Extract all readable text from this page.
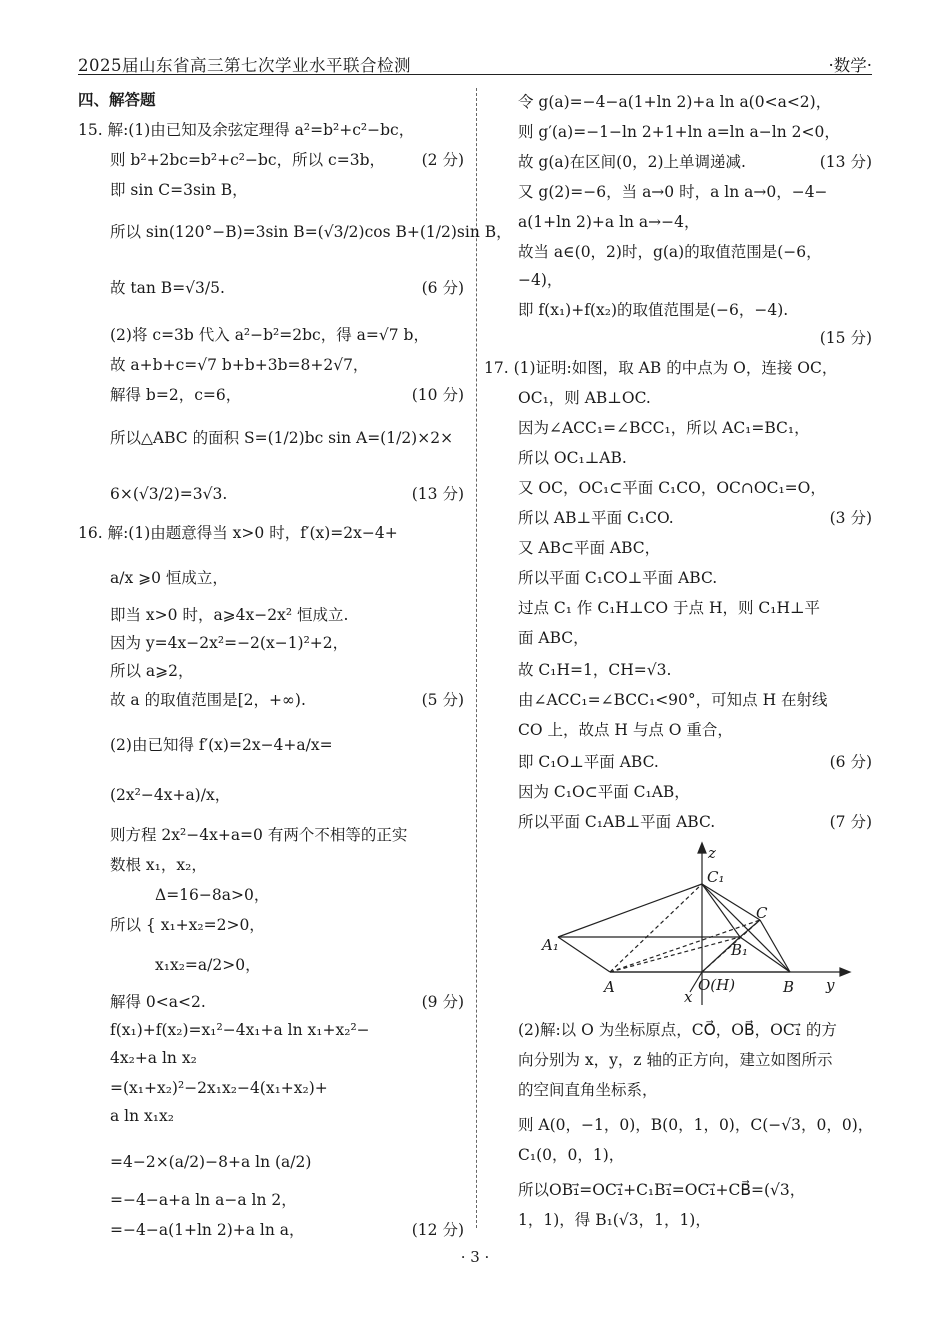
2025届山东省高三第七次学业水平联合检测	·数学·
四、解答题
15. 解:(1)由已知及余弦定理得 a²=b²+c²−bc，
则 b²+2bc=b²+c²−bc，所以 c=3b， (2 分)
即 sin C=3sin B，
所以 sin(120°−B)=3sin B=(√3/2)cos B+(1/2)sin B，
故 tan B=√3/5.	(6 分)
(2)将 c=3b 代入 a²−b²=2bc，得 a=√7 b，
故 a+b+c=√7 b+b+3b=8+2√7，
解得 b=2，c=6，	(10 分)
所以△ABC 的面积 S=(1/2)bc sin A=(1/2)×2×
6×(√3/2)=3√3.	(13 分)
16. 解:(1)由题意得当 x>0 时，f′(x)=2x−4+
a/x ⩾0 恒成立，
即当 x>0 时，a⩾4x−2x² 恒成立.
因为 y=4x−2x²=−2(x−1)²+2，
所以 a⩾2，
故 a 的取值范围是[2，+∞).	(5 分)
(2)由已知得 f′(x)=2x−4+a/x=
(2x²−4x+a)/x，
则方程 2x²−4x+a=0 有两个不相等的正实
数根 x₁，x₂，
Δ=16−8a>0，
所以 { x₁+x₂=2>0，
x₁x₂=a/2>0，
解得 0<a<2.	(9 分)
f(x₁)+f(x₂)=x₁²−4x₁+a ln x₁+x₂²−
4x₂+a ln x₂
=(x₁+x₂)²−2x₁x₂−4(x₁+x₂)+
a ln x₁x₂
=4−2×(a/2)−8+a ln (a/2)
=−4−a+a ln a−a ln 2，
=−4−a(1+ln 2)+a ln a，	(12 分)
令 g(a)=−4−a(1+ln 2)+a ln a(0<a<2)，
则 g′(a)=−1−ln 2+1+ln a=ln a−ln 2<0，
故 g(a)在区间(0，2)上单调递减.	(13 分)
又 g(2)=−6，当 a→0 时，a ln a→0，−4−
a(1+ln 2)+a ln a→−4，
故当 a∈(0，2)时，g(a)的取值范围是(−6，
−4)，
即 f(x₁)+f(x₂)的取值范围是(−6，−4).
(15 分)
17. (1)证明:如图，取 AB 的中点为 O，连接 OC，
OC₁，则 AB⊥OC.
因为∠ACC₁=∠BCC₁，所以 AC₁=BC₁，
所以 OC₁⊥AB.
又 OC，OC₁⊂平面 C₁CO，OC∩OC₁=O，
所以 AB⊥平面 C₁CO.	(3 分)
又 AB⊂平面 ABC，
所以平面 C₁CO⊥平面 ABC.
过点 C₁ 作 C₁H⊥CO 于点 H，则 C₁H⊥平
面 ABC，
故 C₁H=1，CH=√3.
由∠ACC₁=∠BCC₁<90°，可知点 H 在射线
CO 上，故点 H 与点 O 重合，
即 C₁O⊥平面 ABC.	(6 分)
因为 C₁O⊂平面 C₁AB，
所以平面 C₁AB⊥平面 ABC.	(7 分)
(2)解:以 O 为坐标原点，CO⃗，OB⃗，OC₁⃗ 的方
向分别为 x，y，z 轴的正方向，建立如图所示
的空间直角坐标系，
则 A(0，−1，0)，B(0，1，0)，C(−√3，0，0)，
C₁(0，0，1)，
所以OB₁⃗=OC₁⃗+C₁B₁⃗=OC₁⃗+CB⃗=(√3，
1，1)，得 B₁(√3，1，1)，
z
y
x
C₁
C
A₁	B₁
A	O(H)	B
· 3 ·
